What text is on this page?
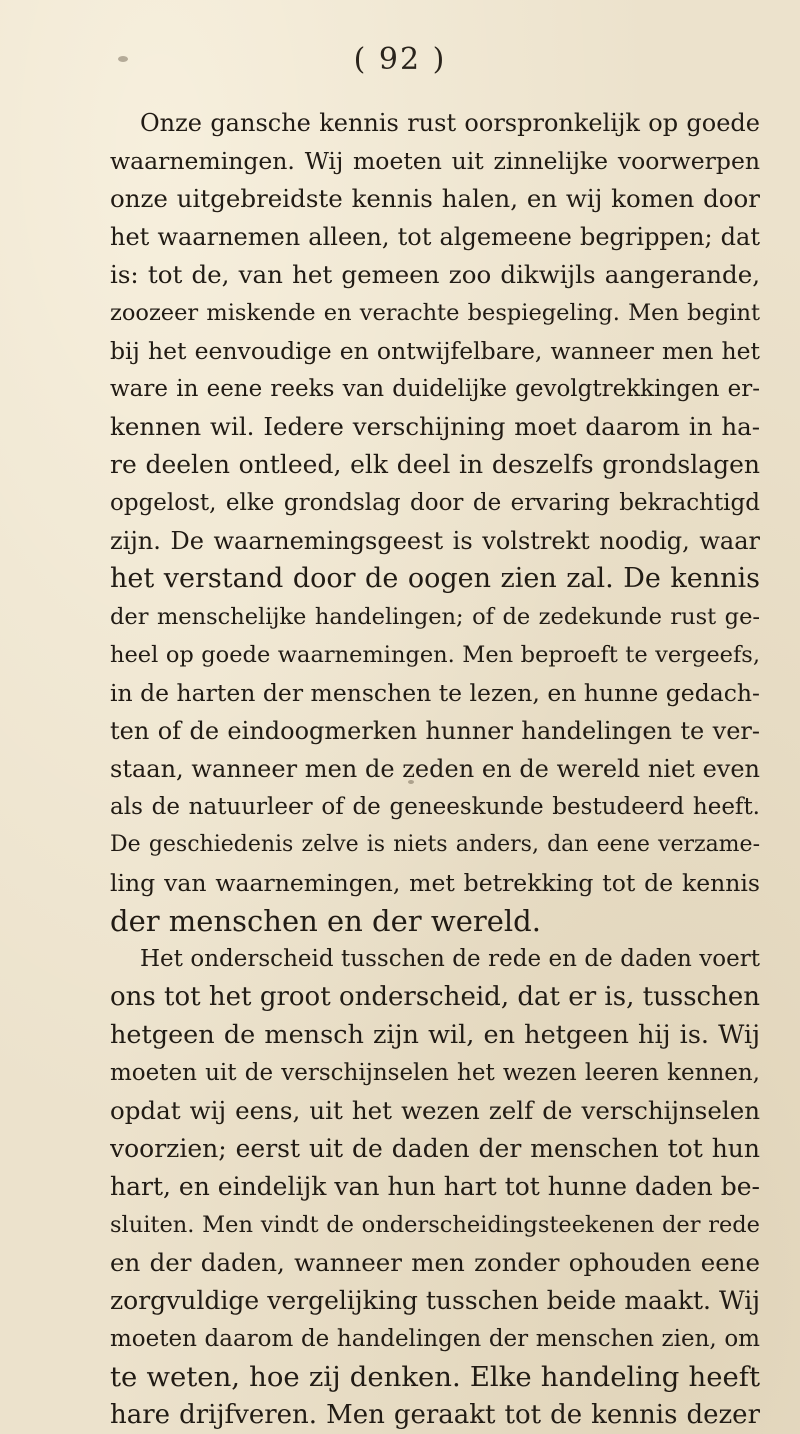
( 92 )
Onze gansche kennis rust oorspronkelijk op goede
waarnemingen. Wij moeten uit zinnelijke voorwerpen
onze uitgebreidste kennis halen, en wij komen door
het waarnemen alleen, tot algemeene begrippen; dat
is: tot de, van het gemeen zoo dikwijls aangerande,
zoozeer miskende en verachte bespiegeling. Men begint
bij het eenvoudige en ontwijfelbare, wanneer men het
ware in eene reeks van duidelijke gevolgtrekkingen er-
kennen wil. Iedere verschijning moet daarom in ha-
re deelen ontleed, elk deel in deszelfs grondslagen
opgelost, elke grondslag door de ervaring bekrachtigd
zijn. De waarnemingsgeest is volstrekt noodig, waar
het verstand door de oogen zien zal. De kennis
der menschelijke handelingen; of de zedekunde rust ge-
heel op goede waarnemingen. Men beproeft te vergeefs,
in de harten der menschen te lezen, en hunne gedach-
ten of de eindoogmerken hunner handelingen te ver-
staan, wanneer men de zeden en de wereld niet even
als de natuurleer of de geneeskunde bestudeerd heeft.
De geschiedenis zelve is niets anders, dan eene verzame-
ling van waarnemingen, met betrekking tot de kennis
der menschen en der wereld.
Het onderscheid tusschen de rede en de daden voert
ons tot het groot onderscheid, dat er is, tusschen
hetgeen de mensch zijn wil, en hetgeen hij is. Wij
moeten uit de verschijnselen het wezen leeren kennen,
opdat wij eens, uit het wezen zelf de verschijnselen
voorzien; eerst uit de daden der menschen tot hun
hart, en eindelijk van hun hart tot hunne daden be-
sluiten. Men vindt de onderscheidingsteekenen der rede
en der daden, wanneer men zonder ophouden eene
zorgvuldige vergelijking tusschen beide maakt. Wij
moeten daarom de handelingen der menschen zien, om
te weten, hoe zij denken. Elke handeling heeft
hare drijfveren. Men geraakt tot de kennis dezer
